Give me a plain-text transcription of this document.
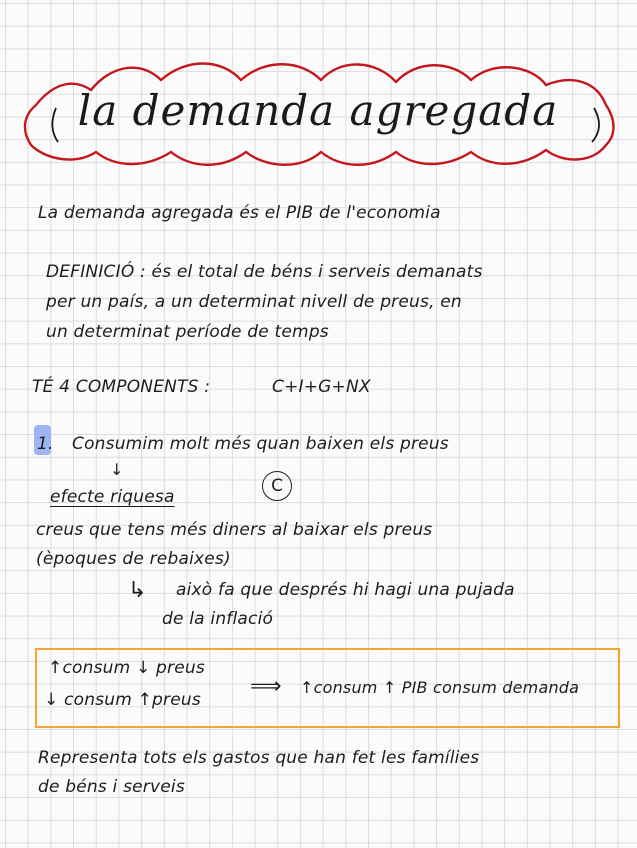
la demanda agregada
La demanda agregada és el PIB de l'economia
DEFINICIÓ : és el total de béns i serveis demanats
per un país, a un determinat nivell de preus, en
un determinat període de temps
TÉ 4 COMPONENTS :	C+I+G+NX
1. Consumim molt més quan baixen els preus
↓
C
efecte riquesa
creus que tens més diners al baixar els preus
(èpoques de rebaixes)
↳ això fa que després hi hagi una pujada
de la inflació
↑consum ↓ preus
↓ consum ↑preus
⟹ ↑consum ↑ PIB consum demanda
Representa tots els gastos que han fet les famílies
de béns i serveis
